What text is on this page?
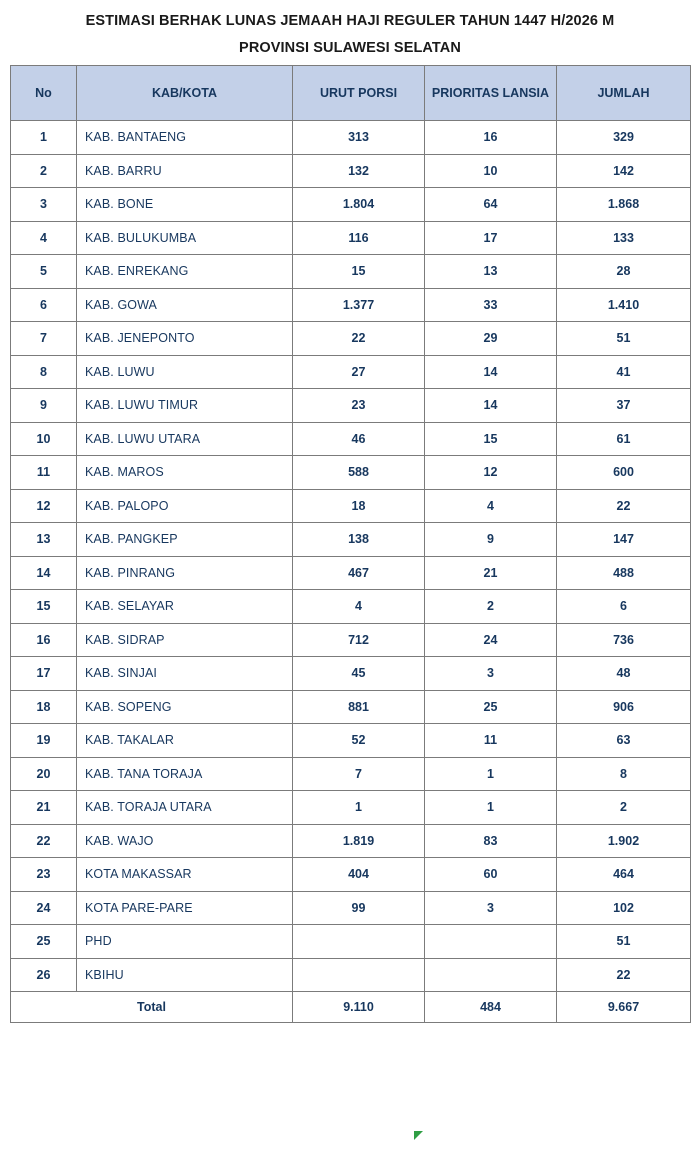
ESTIMASI BERHAK LUNAS JEMAAH HAJI REGULER TAHUN 1447 H/2026 M
PROVINSI SULAWESI SELATAN
No	KAB/KOTA	URUT PORSI	PRIORITAS LANSIA	JUMLAH
1	KAB. BANTAENG	313	16	329
2	KAB. BARRU	132	10	142
3	KAB. BONE	1.804	64	1.868
4	KAB. BULUKUMBA	116	17	133
5	KAB. ENREKANG	15	13	28
6	KAB. GOWA	1.377	33	1.410
7	KAB. JENEPONTO	22	29	51
8	KAB. LUWU	27	14	41
9	KAB. LUWU TIMUR	23	14	37
10	KAB. LUWU UTARA	46	15	61
11	KAB. MAROS	588	12	600
12	KAB. PALOPO	18	4	22
13	KAB. PANGKEP	138	9	147
14	KAB. PINRANG	467	21	488
15	KAB. SELAYAR	4	2	6
16	KAB. SIDRAP	712	24	736
17	KAB. SINJAI	45	3	48
18	KAB. SOPENG	881	25	906
19	KAB. TAKALAR	52	11	63
20	KAB. TANA TORAJA	7	1	8
21	KAB. TORAJA UTARA	1	1	2
22	KAB. WAJO	1.819	83	1.902
23	KOTA MAKASSAR	404	60	464
24	KOTA PARE-PARE	99	3	102
25	PHD			51
26	KBIHU			22
Total		9.110	484	9.667
